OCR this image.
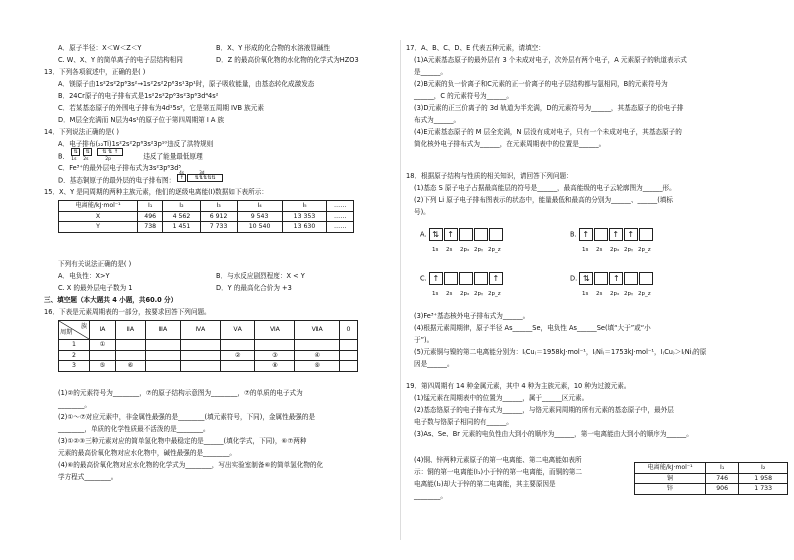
A．原子半径：X＜W＜Z＜Y	B．X、Y 形成的化合物的水溶液显碱性
C. W、X、Y 的简单离子的电子层结构相同	D．Z 的最高价氧化物的水化物的化学式为HZO3
13．下列各项叙述中，正确的是( )
A．镁原子由1s²2s²2p⁶3s²→1s²2s²2p⁶3s¹3p¹时，原子吸收能量，由基态转化成激发态
B．24Cr原子的电子排布式是1s²2s²2p⁶3s²3p⁶3d⁴4s²
C．若某基态原子的外围电子排布为4d¹5s²，它是第五周期 IVB 族元素
D．M层全充满而 N层为4s¹的原子位于第四周期第 I A 族
14．下列说法正确的是( )
A．电子排布(₂₂Ti)1s²2s²2p⁶3s²3p¹⁰违反了洪特规则
B．
⇅	⇅	⇅ ⇅ ↑
1s 2s	2p	违反了能量最低原理
C．Fe³⁺的最外层电子排布式为3s²3p⁶3d⁵
D．基态铜原子的最外层的电子排布图：
4s	3d
↑	⇅⇅⇅⇅⇅
15．X、Y 是同周期的两种主族元素，他们的逐级电离能(I)数据如下表所示：
电离能/kJ·mol⁻¹	I₁	I₂	I₃	I₄	I₅	……
X	496	4 562	6 912	9 543	13 353	……
Y	738	1 451	7 733	10 540	13 630	……
下列有关说法正确的是( )
A．电负性：X>Y	B．与水反应剧烈程度：X < Y
C. X 的最外层电子数为 1	D．Y 的最高化合价为 +3
三、填空题（本大题共 4 小题，共60.0 分）
16．下表是元素周期表的一部分，按要求回答下列问题。
族
周期	ⅠA	ⅡA	ⅢA	ⅣA	ⅤA	ⅥA	ⅦA	0
1	①							
2					②	③	④	
3	⑤	⑥				⑧	⑨	
(1)②的元素符号为________，⑦的原子结构示意图为________，⑦的单质的电子式为
________。
(2)①～⑦对应元素中，非金属性最强的是________(填元素符号，下同)，金属性最强的是
________，单质的化学性质最不活泼的是________。
(3)①②③三种元素对应的简单氢化物中最稳定的是______(填化学式，下同)，⑥⑦两种
元素的最高价氧化物对应水化物中，碱性最强的是________。
(4)⑥的最高价氧化物对应水化物的化学式为________，写出实验室制备⑥的简单氢化物的化
学方程式________。
17．A、B、C、D、E 代表五种元素，请填空：
(1)A元素基态原子的最外层有 3 个未成对电子，次外层有两个电子，A 元素原子的轨道表示式
是______。
(2)B元素的负一价离子和C元素的正一价离子的电子层结构都与氩相同，B的元素符号为
______，C 的元素符号为______。
(3)D元素的正三价离子的 3d 轨道为半充满，D的元素符号为______，其基态原子的价电子排
布式为______。
(4)E元素基态原子的 M 层全充满，N 层没有成对电子，只有一个未成对电子，其基态原子的
简化核外电子排布式为______，在元素周期表中的位置是______。
18．根据原子结构与性质的相关知识，请回答下列问题：
(1)基态 S 原子电子占据最高能层的符号是______，最高能级的电子云轮廓图为______形。
(2)下列 Li 原子电子排布图表示的状态中，能量最低和最高的分别为______、______(填标
号)。
A. ⇅ ↑	B. ↑	↑ ↑
C. ↑	↑	D. ⇅	↑
1s 2s 2pₓ 2pᵧ 2p_z	1s 2s 2pₓ 2pᵧ 2p_z
1s 2s 2pₓ 2pᵧ 2p_z	1s 2s 2pₓ 2pᵧ 2p_z
(3)Fe³⁺基态核外电子排布式为______。
(4)根据元素周期律，原子半径 As______Se，电负性 As______Se(填“大于”或“小
于”)。
(5)元素铜与镍的第二电离能分别为：I₍Cu₎＝1958kJ·mol⁻¹，I₍Ni₎＝1753kJ·mol⁻¹，I₍Cu₎＞I₍Ni₎的原
因是______。
19．第四周期有 14 种金属元素，其中 4 种为主族元素，10 种为过渡元素。
(1)锰元素在周期表中的位置为______，属于______区元素。
(2)基态铬原子的电子排布式为______，与铬元素同周期的所有元素的基态原子中，最外层
电子数与铬原子相同的有______。
(3)As、Se、Br 元素的电负性由大到小的顺序为______，第一电离能由大到小的顺序为______。
(4)铜、锌两种元素原子的第一电离能、第二电离能如表所
示：铜的第一电离能(I₁)小于锌的第一电离能，而铜的第二
电离能(I₂)却大于锌的第二电离能，其主要原因是
________。
电离能/kJ·mol⁻¹	I₁	I₂
铜	746	1 958
锌	906	1 733
